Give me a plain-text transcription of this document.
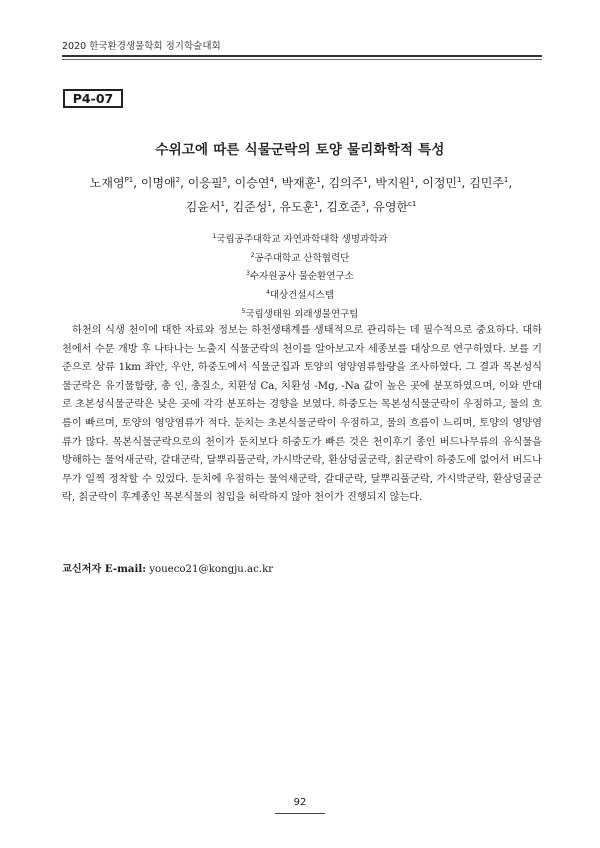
2020 한국환경생물학회 정기학술대회
P4-07
수위고에 따른 식물군락의 토양 물리화학적 특성
노재영$^{P1}$, 이명애$^2$, 이응필$^5$, 이승연$^4$, 박재훈$^1$, 김의주$^1$, 박지원$^1$, 이정민$^1$, 김민주$^1$,
김윤서$^1$, 김준성$^1$, 유도훈$^1$, 김호준$^3$, 유영한$^{c1}$
$^1$국립공주대학교 자연과학대학 생명과학과
$^2$공주대학교 산학협력단
$^3$수자원공사 물순환연구소
$^4$대상건설시스템
$^5$국립생태원 외래생물연구팀

하천의 식생 천이에 대한 자료와 정보는 하천생태계를 생태적으로 관리하는 데 필수적으로 중요하다. 대하천에서 수문 개방 후 나타나는 노출지 식물군락의 천이를 알아보고자 세종보를 대상으로 연구하였다. 보를 기준으로 상류 1km 좌안, 우안, 하중도에서 식물군집과 토양의 영양염류함량을 조사하였다. 그 결과 목본성식물군락은 유기물함량, 총 인, 총질소, 치환성 Ca, 치환성 -Mg, -Na 값이 높은 곳에 분포하였으며, 이와 반대로 초본성식물군락은 낮은 곳에 각각 분포하는 경향을 보였다. 하중도는 목본성식물군락이 우점하고, 물의 흐름이 빠르며, 토양의 영양염류가 적다. 둔치는 초본식물군락이 우점하고, 물의 흐름이 느리며, 토양의 영양염류가 많다. 목본식물군락으로의 천이가 둔치보다 하중도가 빠른 것은 천이후기 종인 버드나무류의 유식물을 방해하는 물억새군락, 갈대군락, 달뿌리풀군락, 가시박군락, 환삼덩굴군락, 칡군락이 하중도에 없어서 버드나무가 일찍 정착할 수 있었다. 둔치에 우점하는 물억새군락, 갈대군락, 달뿌리풀군락, 가시박군락, 환삼덩굴군락, 칡군락이 후계종인 목본식물의 침입을 허락하지 않아 천이가 진행되지 않는다.

교신저자 E-mail: youeco21@kongju.ac.kr
92
